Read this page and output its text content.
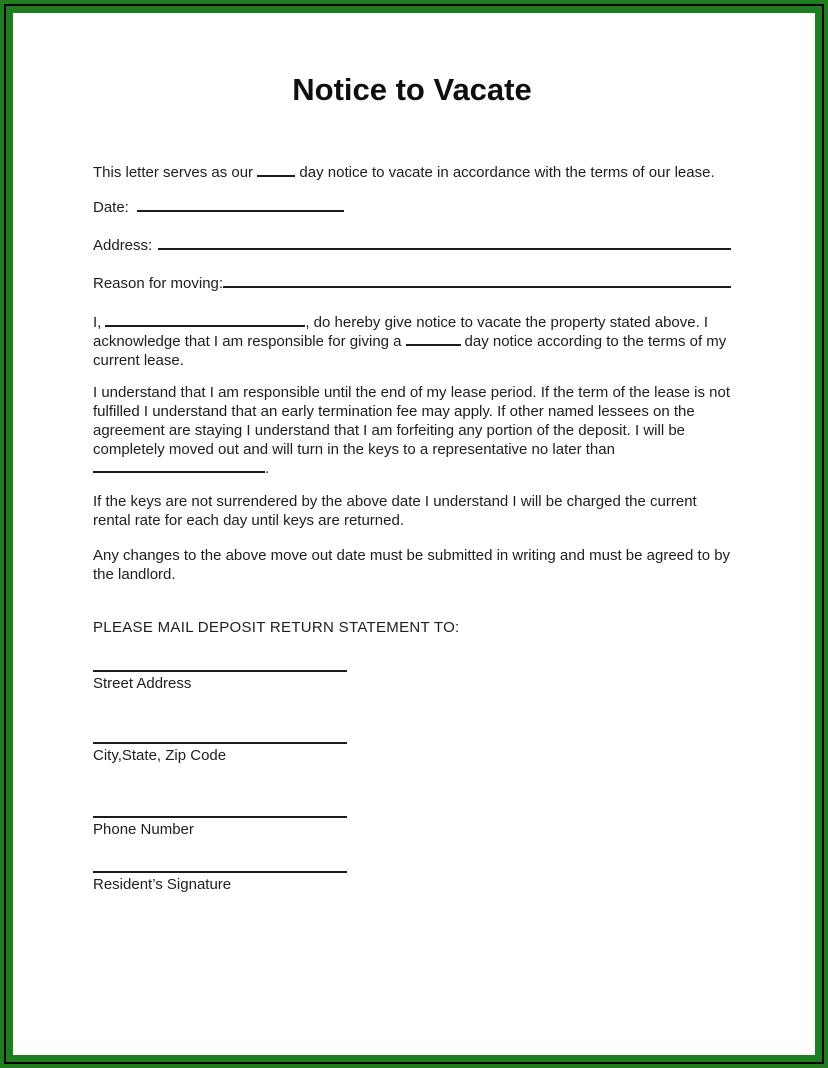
Notice to Vacate

This letter serves as our	day notice to vacate in accordance with the terms of our lease.

Date:
Address:
Reason for moving:

I,	, do hereby give notice to vacate the property stated above. I acknowledge that I am responsible for giving a	day notice according to the terms of my current lease.

I understand that I am responsible until the end of my lease period. If the term of the lease is not fulfilled I understand that an early termination fee may apply. If other named lessees on the agreement are staying I understand that I am forfeiting any portion of the deposit. I will be completely moved out and will turn in the keys to a representative no later than .

If the keys are not surrendered by the above date I understand I will be charged the current rental rate for each day until keys are returned.

Any changes to the above move out date must be submitted in writing and must be agreed to by the landlord.

PLEASE MAIL DEPOSIT RETURN STATEMENT TO:
Street Address
City,State, Zip Code
Phone Number
Resident’s Signature
